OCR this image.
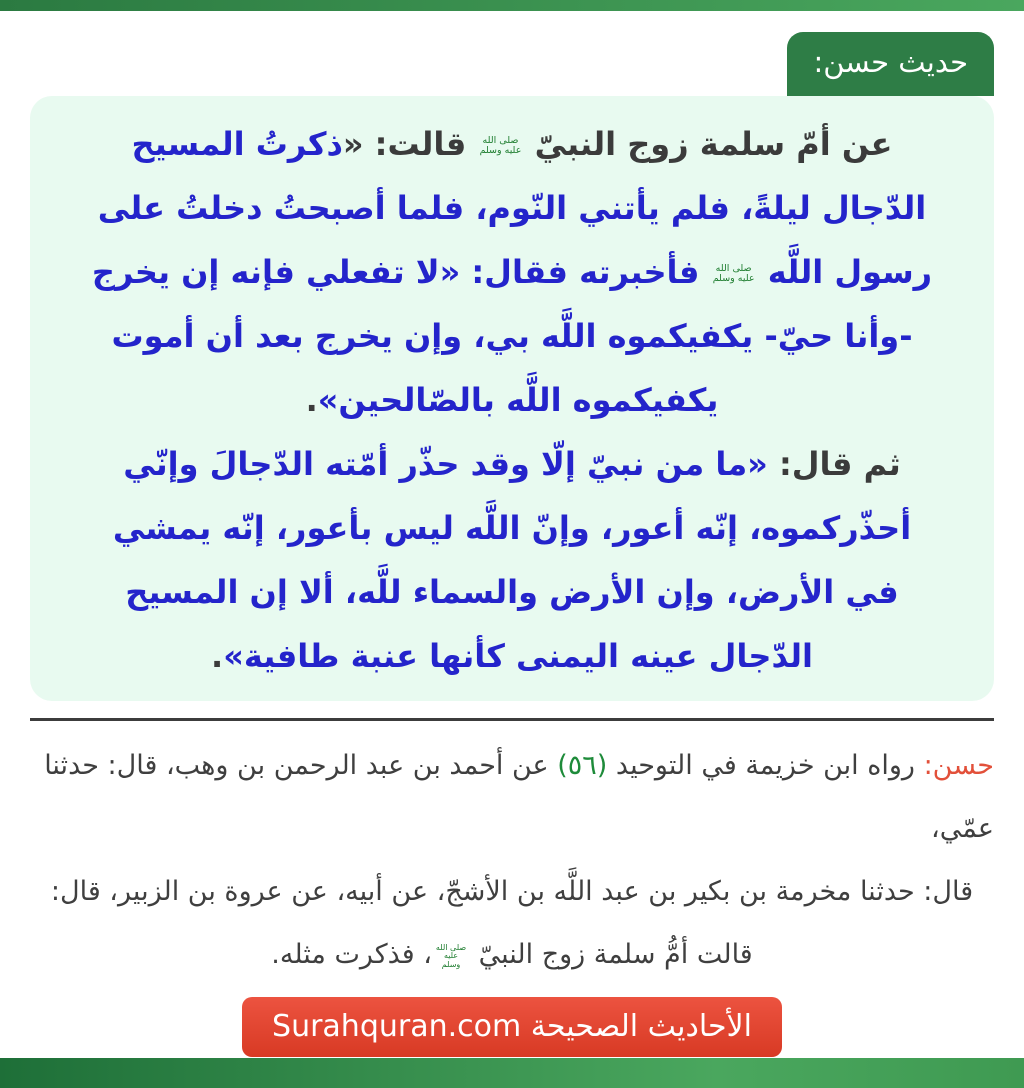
حديث حسن:
عن أمّ سلمة زوج النبيّ صلى الله عليه وسلم قالت: «ذكرتُ المسيح
الدّجال ليلةً، فلم يأتني النّوم، فلما أصبحتُ دخلتُ على
رسول اللَّه صلى الله عليه وسلم فأخبرته فقال: «لا تفعلي فإنه إن يخرج
-وأنا حيّ- يكفيكموه اللَّه بي، وإن يخرج بعد أن أموت
يكفيكموه اللَّه بالصّالحين».
ثم قال: «ما من نبيّ إلّا وقد حذّر أمّته الدّجالَ وإنّي
أحذّركموه، إنّه أعور، وإنّ اللَّه ليس بأعور، إنّه يمشي
في الأرض، وإن الأرض والسماء للَّه، ألا إن المسيح
الدّجال عينه اليمنى كأنها عنبة طافية».
حسن: رواه ابن خزيمة في التوحيد (٥٦) عن أحمد بن عبد الرحمن بن وهب، قال: حدثنا عمّي،
قال: حدثنا مخرمة بن بكير بن عبد اللَّه بن الأشجّ، عن أبيه، عن عروة بن الزبير، قال: قالت أمُّ سلمة زوج النبيّ صلى الله عليه وسلم، فذكرت مثله.
الأحاديث الصحيحة Surahquran.com
